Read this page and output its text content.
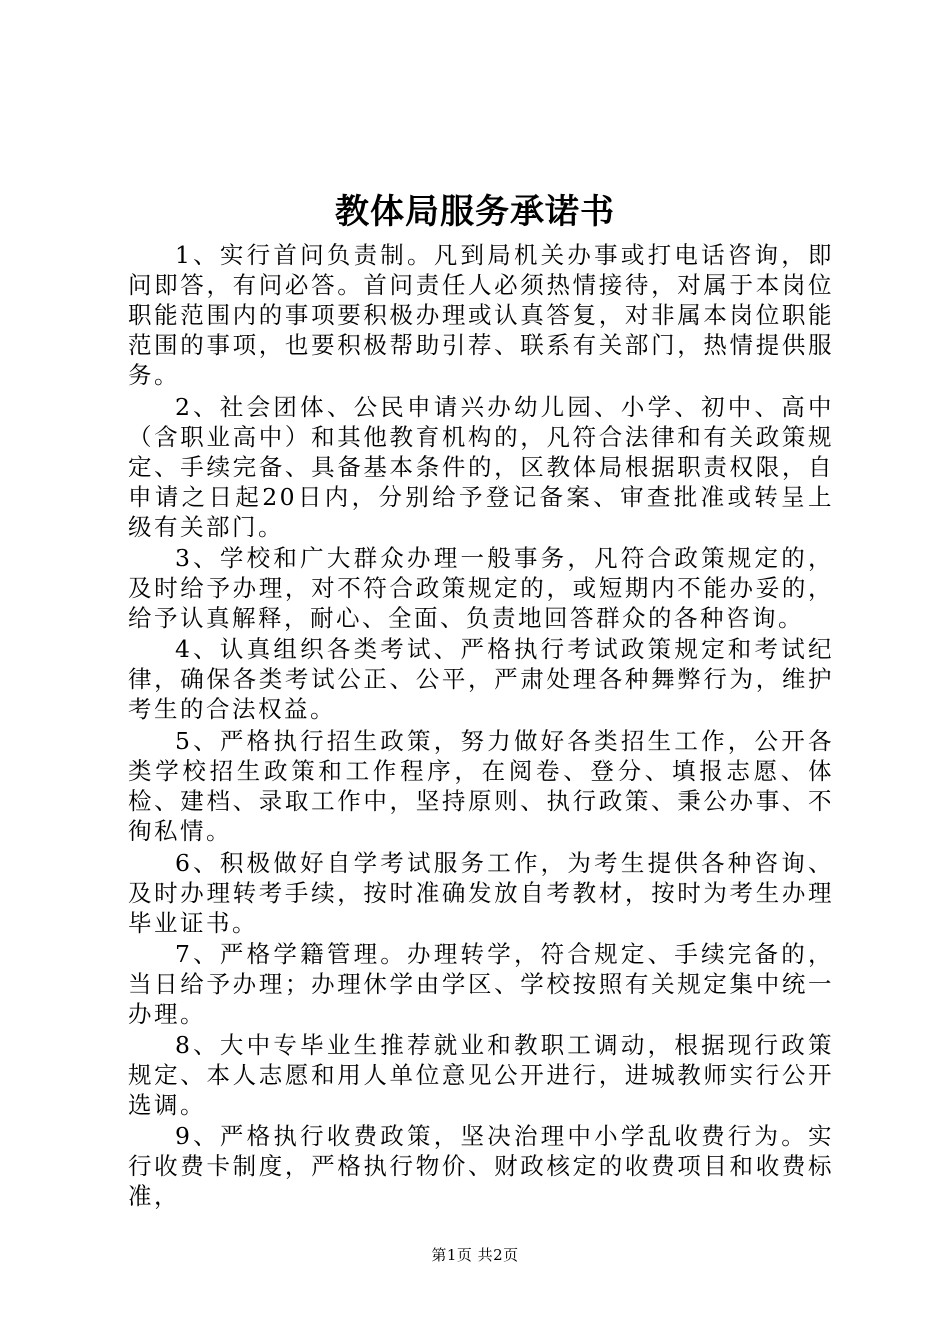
教体局服务承诺书

1、实行首问负责制。凡到局机关办事或打电话咨询，即问即答，有问必答。首问责任人必须热情接待，对属于本岗位职能范围内的事项要积极办理或认真答复，对非属本岗位职能范围的事项，也要积极帮助引荐、联系有关部门，热情提供服务。

2、社会团体、公民申请兴办幼儿园、小学、初中、高中（含职业高中）和其他教育机构的，凡符合法律和有关政策规定、手续完备、具备基本条件的，区教体局根据职责权限，自申请之日起20日内，分别给予登记备案、审查批准或转呈上级有关部门。

3、学校和广大群众办理一般事务，凡符合政策规定的，及时给予办理，对不符合政策规定的，或短期内不能办妥的，给予认真解释，耐心、全面、负责地回答群众的各种咨询。

4、认真组织各类考试、严格执行考试政策规定和考试纪律，确保各类考试公正、公平，严肃处理各种舞弊行为，维护考生的合法权益。

5、严格执行招生政策，努力做好各类招生工作，公开各类学校招生政策和工作程序，在阅卷、登分、填报志愿、体检、建档、录取工作中，坚持原则、执行政策、秉公办事、不徇私情。

6、积极做好自学考试服务工作，为考生提供各种咨询、及时办理转考手续，按时准确发放自考教材，按时为考生办理毕业证书。

7、严格学籍管理。办理转学，符合规定、手续完备的，当日给予办理；办理休学由学区、学校按照有关规定集中统一办理。

8、大中专毕业生推荐就业和教职工调动，根据现行政策规定、本人志愿和用人单位意见公开进行，进城教师实行公开选调。

9、严格执行收费政策，坚决治理中小学乱收费行为。实行收费卡制度，严格执行物价、财政核定的收费项目和收费标准，

第1页 共2页
